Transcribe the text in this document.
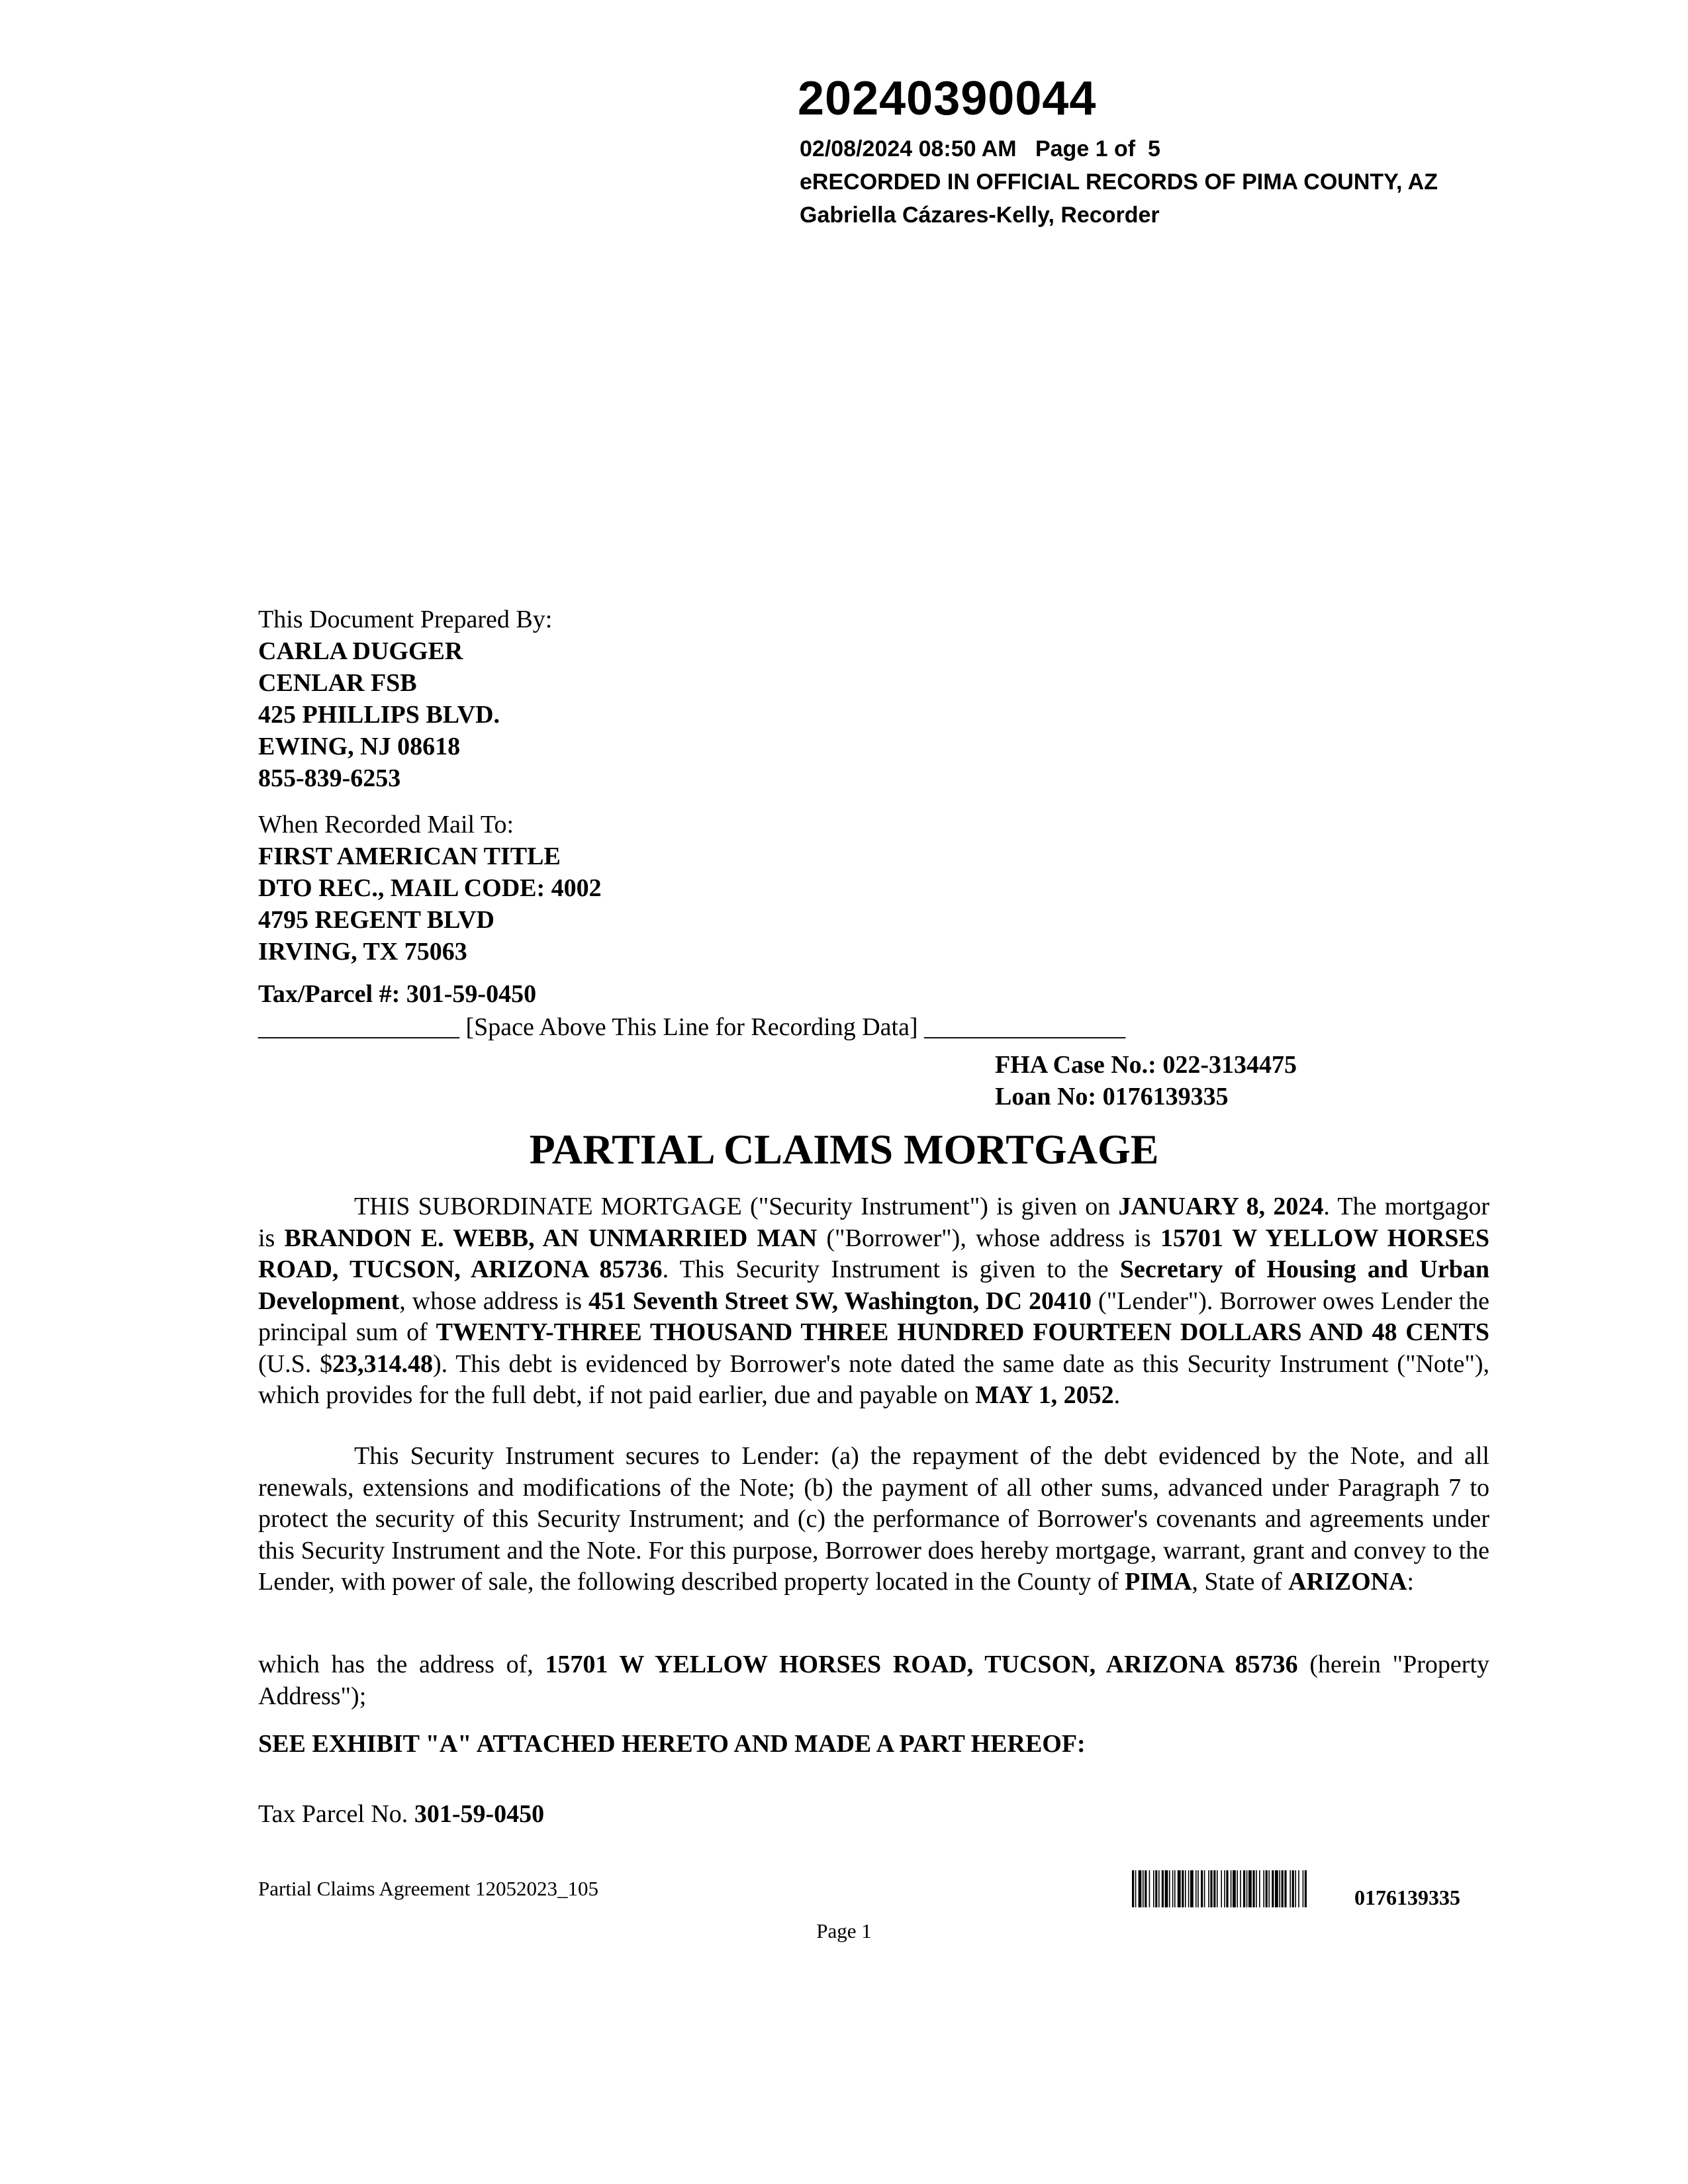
20240390044
02/08/2024 08:50 AM   Page 1 of  5
eRECORDED IN OFFICIAL RECORDS OF PIMA COUNTY, AZ
Gabriella Cázares-Kelly, Recorder
This Document Prepared By:
CARLA DUGGER
CENLAR FSB
425 PHILLIPS BLVD.
EWING, NJ 08618
855-839-6253
When Recorded Mail To:
FIRST AMERICAN TITLE
DTO REC., MAIL CODE: 4002
4795 REGENT BLVD
IRVING, TX 75063
Tax/Parcel #: 301-59-0450
________________ [Space Above This Line for Recording Data] ________________
FHA Case No.: 022-3134475
Loan No: 0176139335
PARTIAL CLAIMS MORTGAGE
THIS SUBORDINATE MORTGAGE ("Security Instrument") is given on JANUARY 8, 2024. The mortgagor is BRANDON E. WEBB, AN UNMARRIED MAN ("Borrower"), whose address is 15701 W YELLOW HORSES ROAD, TUCSON, ARIZONA 85736. This Security Instrument is given to the Secretary of Housing and Urban Development, whose address is 451 Seventh Street SW, Washington, DC 20410 ("Lender"). Borrower owes Lender the principal sum of TWENTY-THREE THOUSAND THREE HUNDRED FOURTEEN DOLLARS AND 48 CENTS (U.S. $23,314.48). This debt is evidenced by Borrower's note dated the same date as this Security Instrument ("Note"), which provides for the full debt, if not paid earlier, due and payable on MAY 1, 2052.
This Security Instrument secures to Lender: (a) the repayment of the debt evidenced by the Note, and all renewals, extensions and modifications of the Note; (b) the payment of all other sums, advanced under Paragraph 7 to protect the security of this Security Instrument; and (c) the performance of Borrower's covenants and agreements under this Security Instrument and the Note. For this purpose, Borrower does hereby mortgage, warrant, grant and convey to the Lender, with power of sale, the following described property located in the County of PIMA, State of ARIZONA:
which has the address of, 15701 W YELLOW HORSES ROAD, TUCSON, ARIZONA 85736 (herein "Property Address");
SEE EXHIBIT "A" ATTACHED HERETO AND MADE A PART HEREOF:
Tax Parcel No. 301-59-0450
Partial Claims Agreement 12052023_105	0176139335
Page 1
